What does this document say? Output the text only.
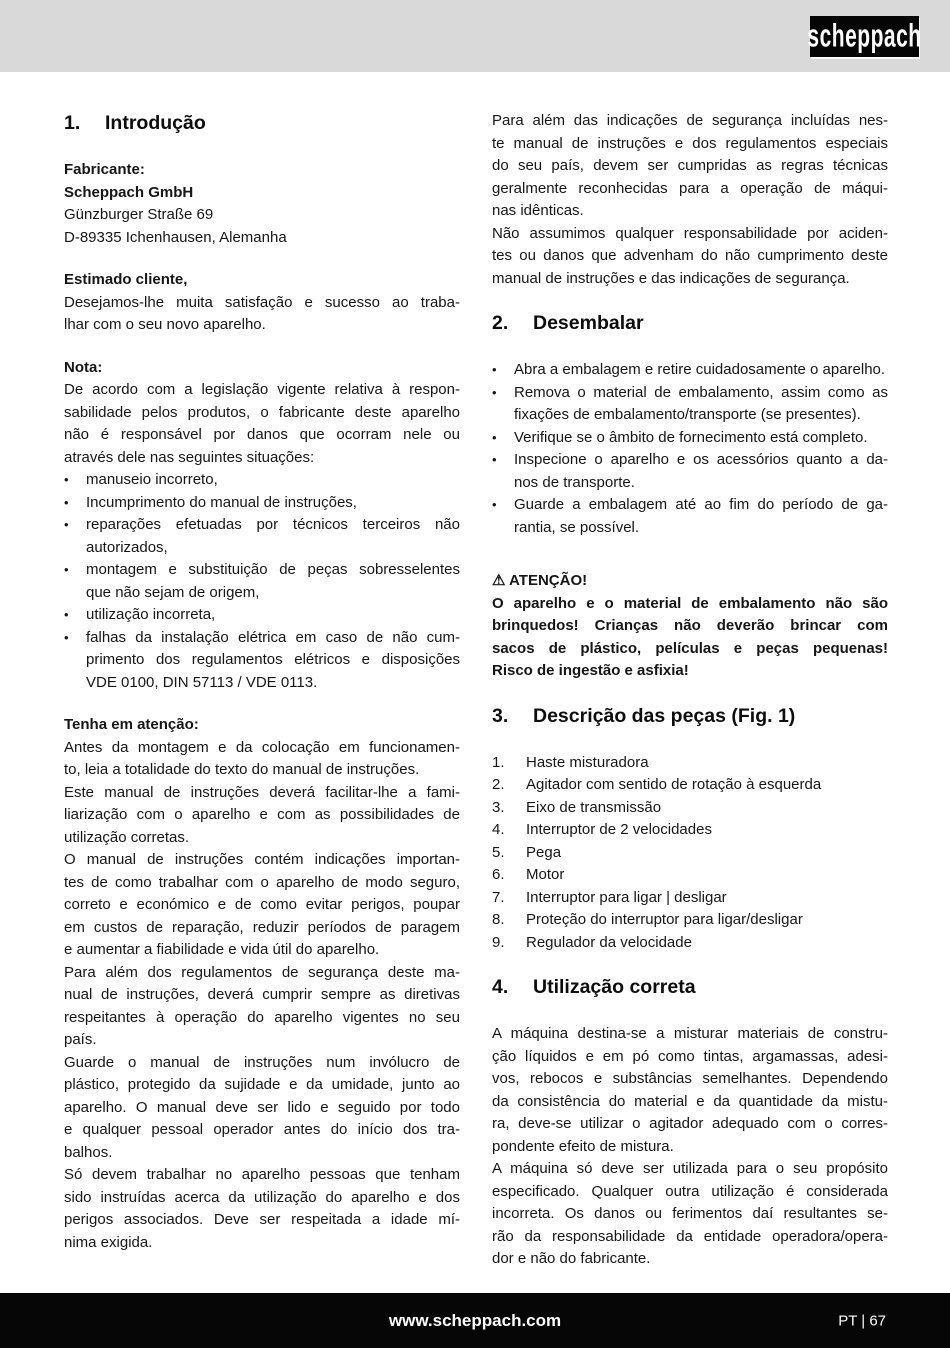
scheppach
1.	Introdução
Fabricante:
Scheppach GmbH
Günzburger Straße 69
D-89335 Ichenhausen, Alemanha
Estimado cliente,
Desejamos-lhe muita satisfação e sucesso ao traba-
lhar com o seu novo aparelho.
Nota:
De acordo com a legislação vigente relativa à respon-
sabilidade pelos produtos, o fabricante deste aparelho
não é responsável por danos que ocorram nele ou
através dele nas seguintes situações:
•	manuseio incorreto,
•	Incumprimento do manual de instruções,
•	reparações efetuadas por técnicos terceiros não
autorizados,
•	montagem e substituição de peças sobresselentes
que não sejam de origem,
•	utilização incorreta,
•	falhas da instalação elétrica em caso de não cum-
primento dos regulamentos elétricos e disposições
VDE 0100, DIN 57113 / VDE 0113.
Tenha em atenção:
Antes da montagem e da colocação em funcionamen-
to, leia a totalidade do texto do manual de instruções.
Este manual de instruções deverá facilitar-lhe a fami-
liarização com o aparelho e com as possibilidades de
utilização corretas.
O manual de instruções contém indicações importan-
tes de como trabalhar com o aparelho de modo seguro,
correto e económico e de como evitar perigos, poupar
em custos de reparação, reduzir períodos de paragem
e aumentar a fiabilidade e vida útil do aparelho.
Para além dos regulamentos de segurança deste ma-
nual de instruções, deverá cumprir sempre as diretivas
respeitantes à operação do aparelho vigentes no seu
país.
Guarde o manual de instruções num invólucro de
plástico, protegido da sujidade e da umidade, junto ao
aparelho. O manual deve ser lido e seguido por todo
e qualquer pessoal operador antes do início dos tra-
balhos.
Só devem trabalhar no aparelho pessoas que tenham
sido instruídas acerca da utilização do aparelho e dos
perigos associados. Deve ser respeitada a idade mí-
nima exigida.
Para além das indicações de segurança incluídas nes-
te manual de instruções e dos regulamentos especiais
do seu país, devem ser cumpridas as regras técnicas
geralmente reconhecidas para a operação de máqui-
nas idênticas.
Não assumimos qualquer responsabilidade por aciden-
tes ou danos que advenham do não cumprimento deste
manual de instruções e das indicações de segurança.
2.	Desembalar
•	Abra a embalagem e retire cuidadosamente o aparelho.
•	Remova o material de embalamento, assim como as
fixações de embalamento/transporte (se presentes).
•	Verifique se o âmbito de fornecimento está completo.
•	Inspecione o aparelho e os acessórios quanto a da-
nos de transporte.
•	Guarde a embalagem até ao fim do período de ga-
rantia, se possível.
⚠ ATENÇÃO!
O aparelho e o material de embalamento não são
brinquedos! Crianças não deverão brincar com
sacos de plástico, películas e peças pequenas!
Risco de ingestão e asfixia!
3.	Descrição das peças (Fig. 1)
1.	Haste misturadora
2.	Agitador com sentido de rotação à esquerda
3.	Eixo de transmissão
4.	Interruptor de 2 velocidades
5.	Pega
6.	Motor
7.	Interruptor para ligar | desligar
8.	Proteção do interruptor para ligar/desligar
9.	Regulador da velocidade
4.	Utilização correta
A máquina destina-se a misturar materiais de constru-
ção líquidos e em pó como tintas, argamassas, adesi-
vos, rebocos e substâncias semelhantes. Dependendo
da consistência do material e da quantidade da mistu-
ra, deve-se utilizar o agitador adequado com o corres-
pondente efeito de mistura.
A máquina só deve ser utilizada para o seu propósito
especificado. Qualquer outra utilização é considerada
incorreta. Os danos ou ferimentos daí resultantes se-
rão da responsabilidade da entidade operadora/opera-
dor e não do fabricante.
www.scheppach.com	PT | 67
